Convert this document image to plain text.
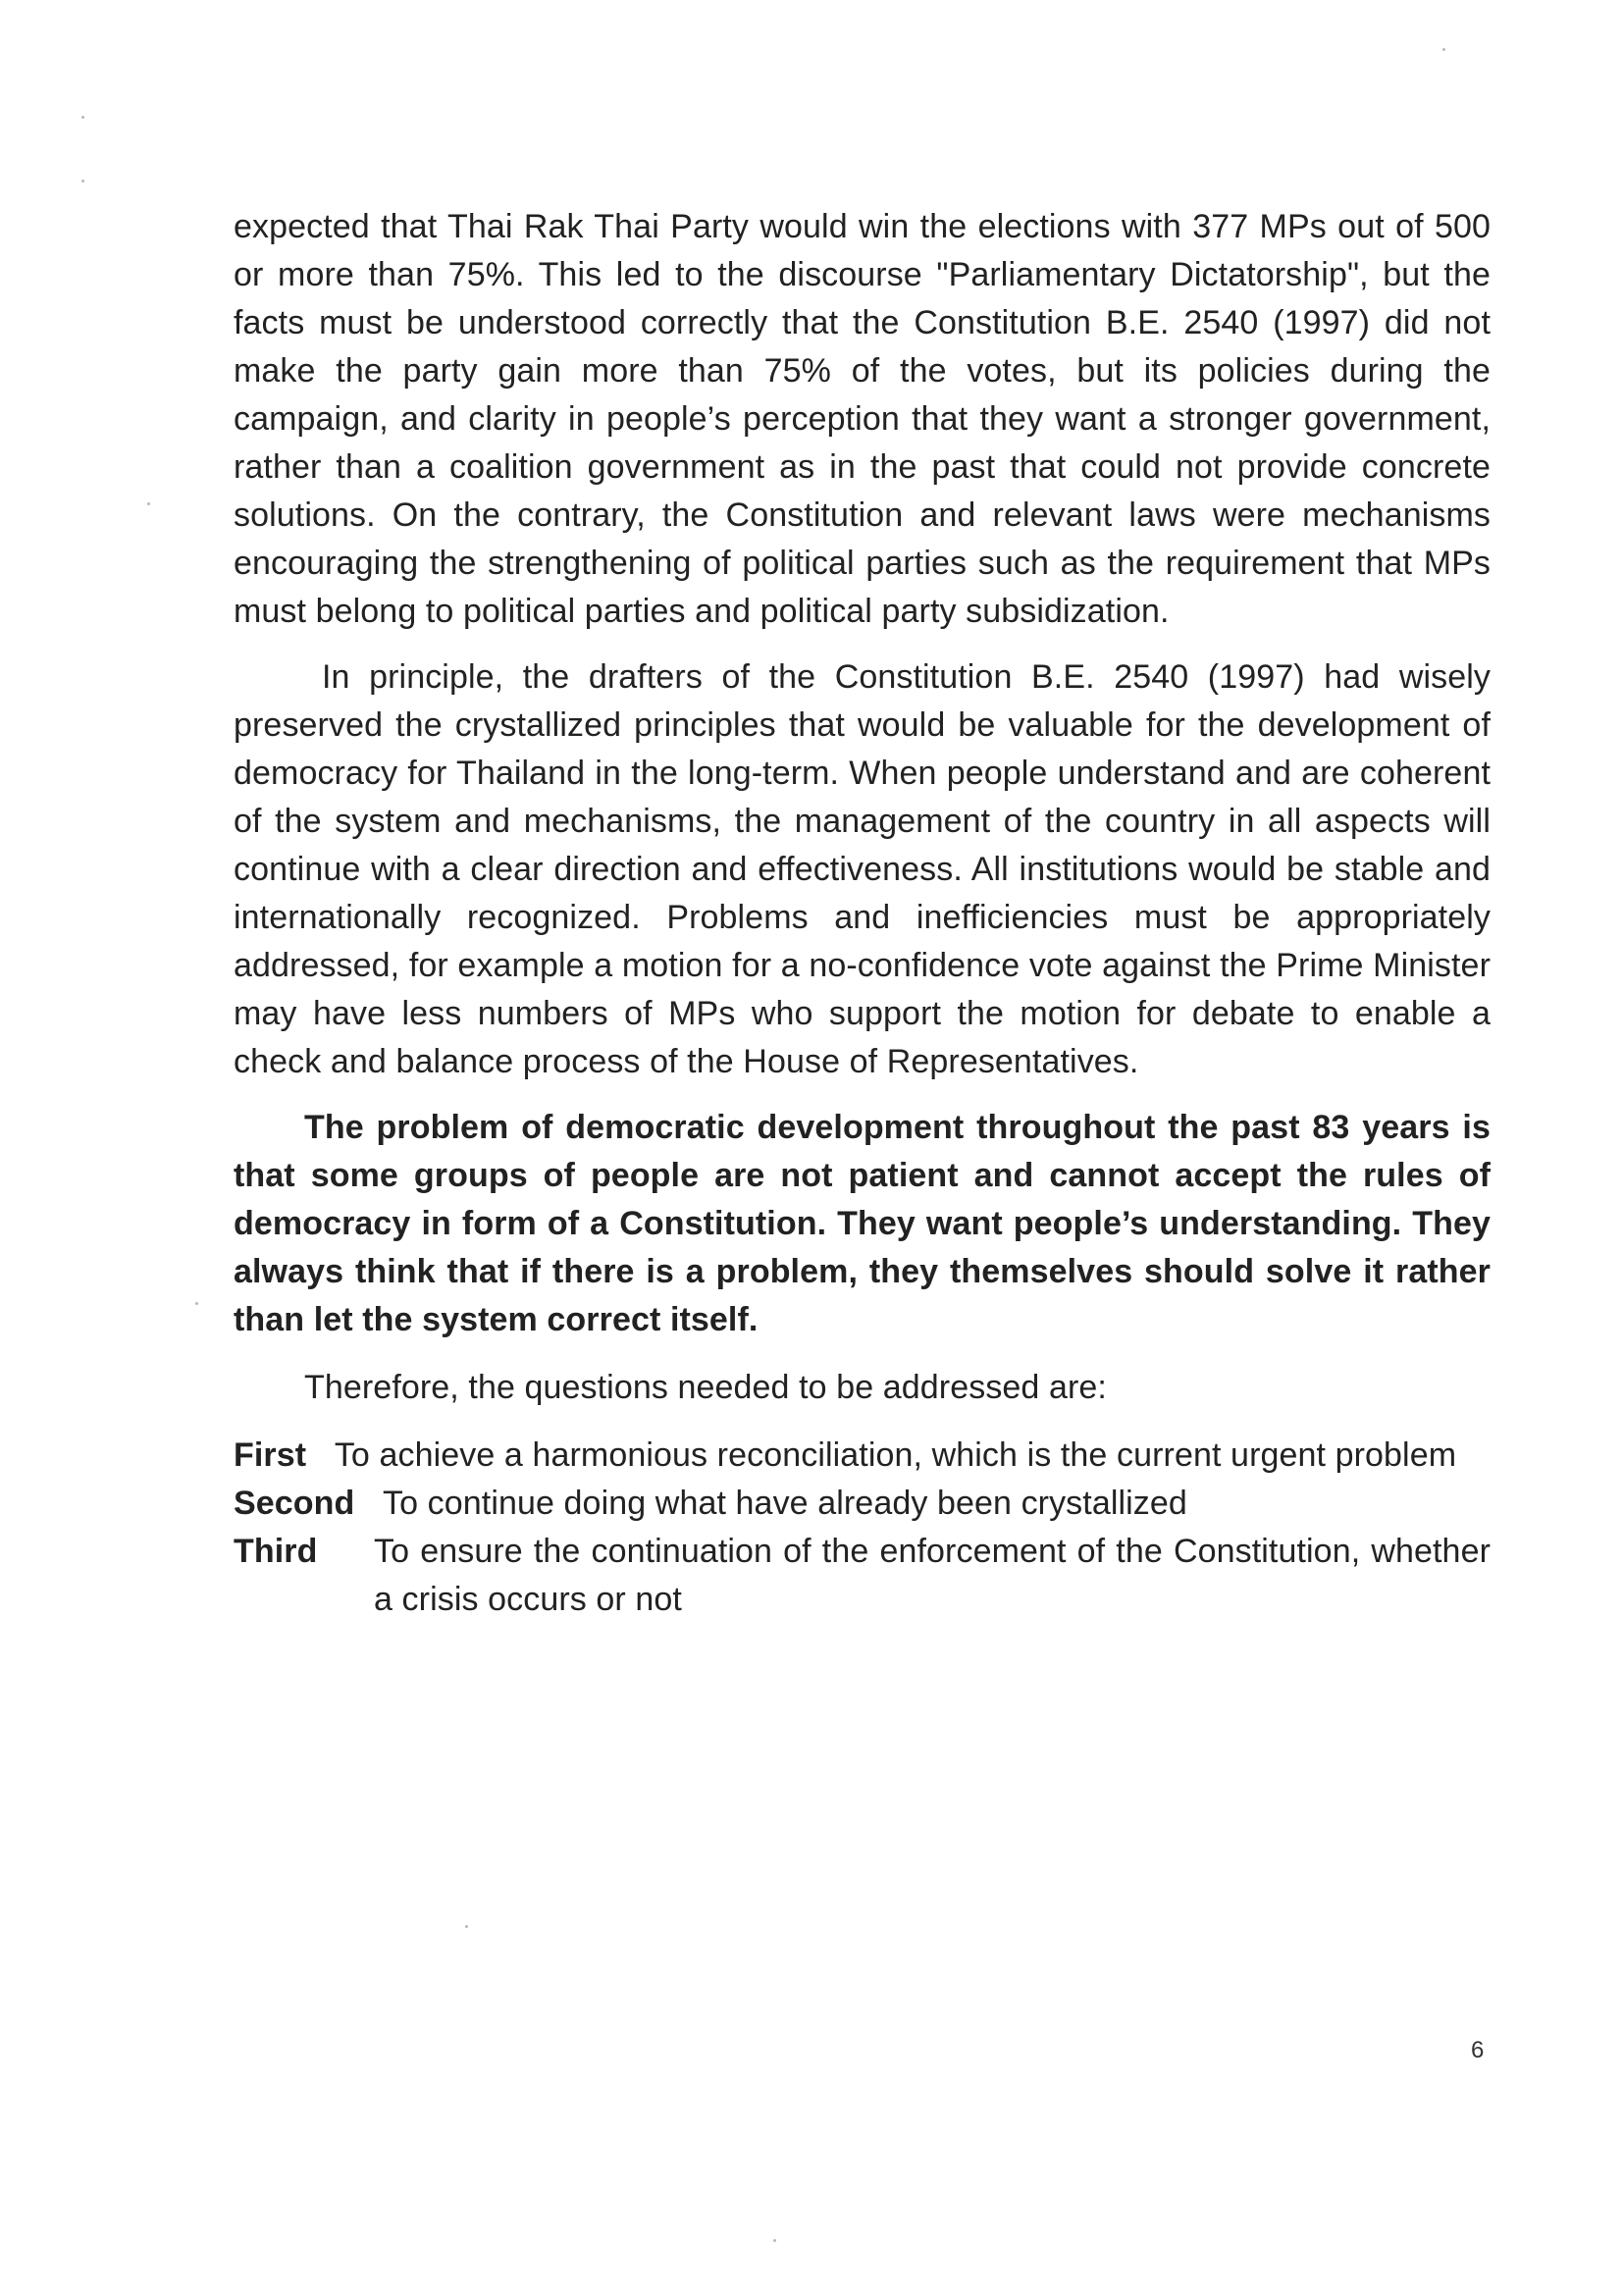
expected that Thai Rak Thai Party would win the elections with 377 MPs out of 500 or more than 75%. This led to the discourse "Parliamentary Dictatorship", but the facts must be understood correctly that the Constitution B.E. 2540 (1997) did not make the party gain more than 75% of the votes, but its policies during the campaign, and clarity in people’s perception that they want a stronger government, rather than a coalition government as in the past that could not provide concrete solutions. On the contrary, the Constitution and relevant laws were mechanisms encouraging the strengthening of political parties such as the requirement that MPs must belong to political parties and political party subsidization.

In principle, the drafters of the Constitution B.E. 2540 (1997) had wisely preserved the crystallized principles that would be valuable for the development of democracy for Thailand in the long-term. When people understand and are coherent of the system and mechanisms, the management of the country in all aspects will continue with a clear direction and effectiveness. All institutions would be stable and internationally recognized. Problems and inefficiencies must be appropriately addressed, for example a motion for a no-confidence vote against the Prime Minister may have less numbers of MPs who support the motion for debate to enable a check and balance process of the House of Representatives.

The problem of democratic development throughout the past 83 years is that some groups of people are not patient and cannot accept the rules of democracy in form of a Constitution. They want people’s understanding. They always think that if there is a problem, they themselves should solve it rather than let the system correct itself.

Therefore, the questions needed to be addressed are:

First To achieve a harmonious reconciliation, which is the current urgent problem

Second To continue doing what have already been crystallized
Third	To ensure the continuation of the enforcement of the Constitution, whether a crisis occurs or not
6
